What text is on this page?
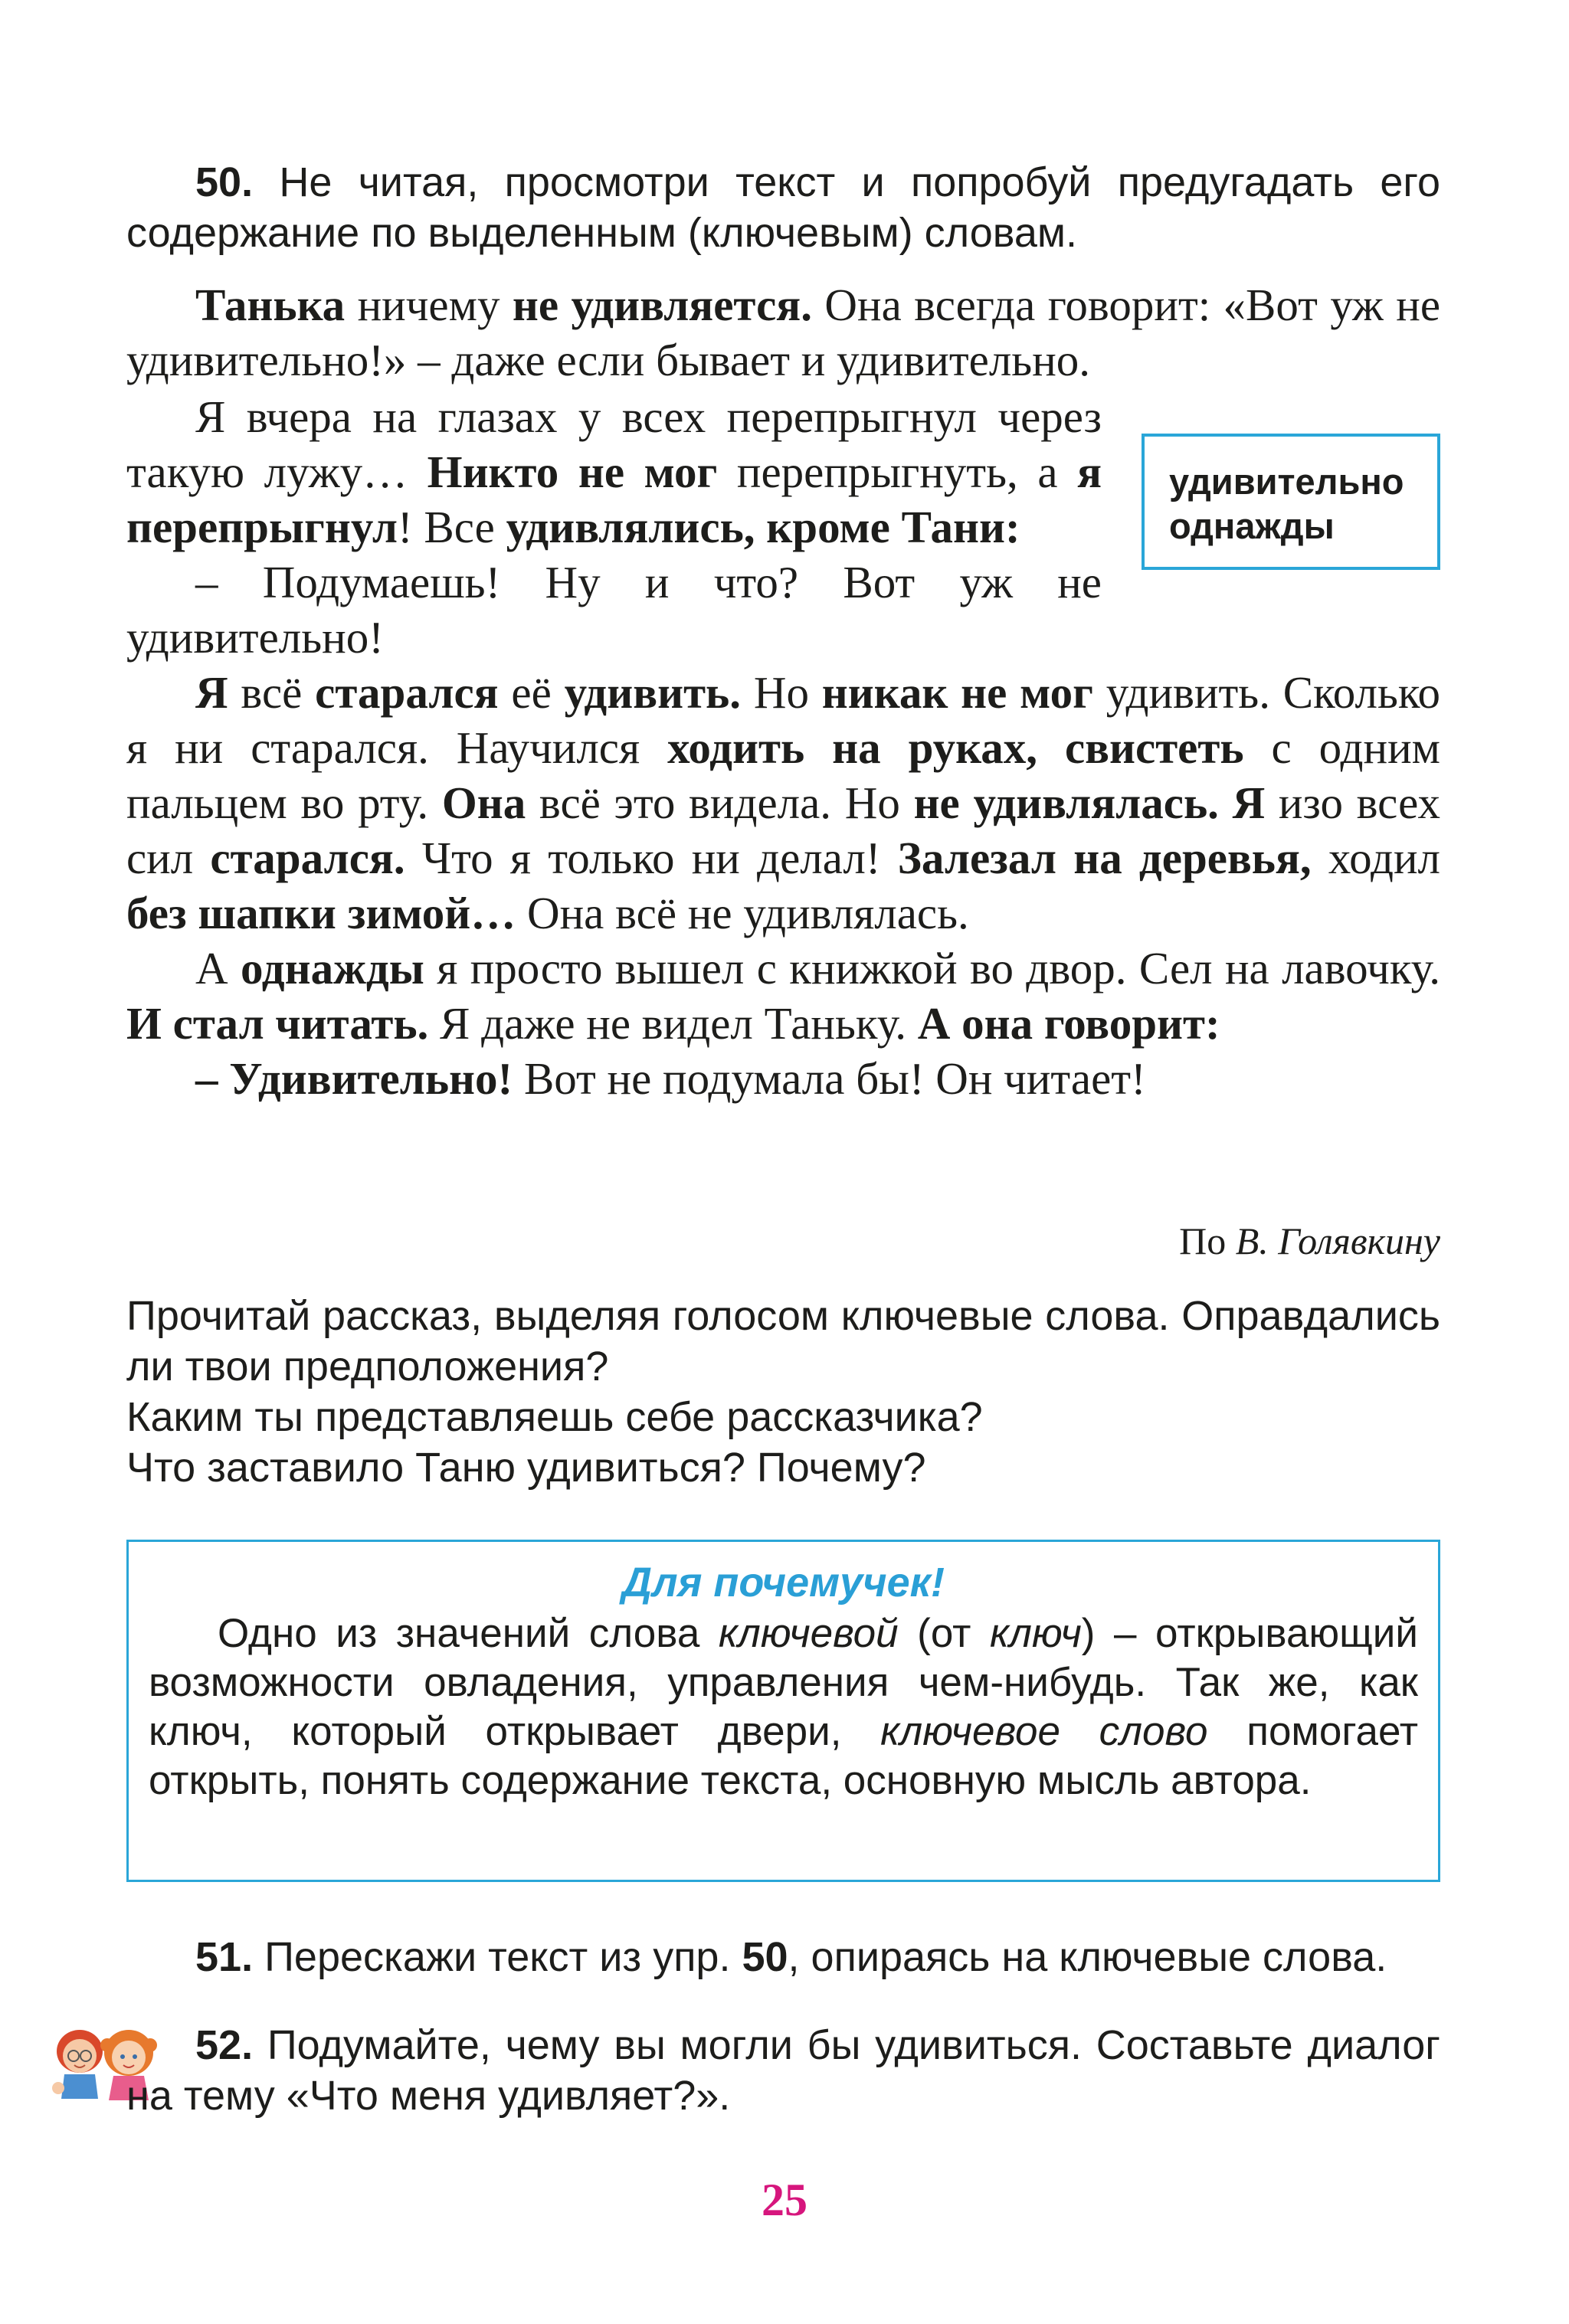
50. Не читая, просмотри текст и попробуй предугадать его содержание по выделенным (ключевым) словам.

Танька ничему не удивляется. Она всегда говорит: «Вот уж не удивительно!» – даже если бывает и удивительно.

удивительно
однажды

Я вчера на глазах у всех перепрыгнул через такую лужу… Никто не мог перепрыгнуть, а я перепрыгнул! Все удивлялись, кроме Тани:

– Подумаешь! Ну и что? Вот уж не удивительно!

Я всё старался её удивить. Но никак не мог удивить. Сколько я ни старался. Научился ходить на руках, свистеть с одним пальцем во рту. Она всё это видела. Но не удивлялась. Я изо всех сил старался. Что я только ни делал! Залезал на деревья, ходил без шапки зимой… Она всё не удивлялась.

А однажды я просто вышел с книжкой во двор. Сел на лавочку. И стал читать. Я даже не видел Таньку. А она говорит:

– Удивительно! Вот не подумала бы! Он читает!

По В. Голявкину

Прочитай рассказ, выделяя голосом ключевые слова. Оправдались ли твои предположения?

Каким ты представляешь себе рассказчика?

Что заставило Таню удивиться? Почему?

Для почемучек!

Одно из значений слова ключевой (от ключ) – открывающий возможности овладения, управления чем-нибудь. Так же, как ключ, который открывает двери, ключевое слово помогает открыть, понять содержание текста, основную мысль автора.

51. Перескажи текст из упр. 50, опираясь на ключевые слова.

52. Подумайте, чему вы могли бы удивиться. Составьте диалог на тему «Что меня удивляет?».

25
